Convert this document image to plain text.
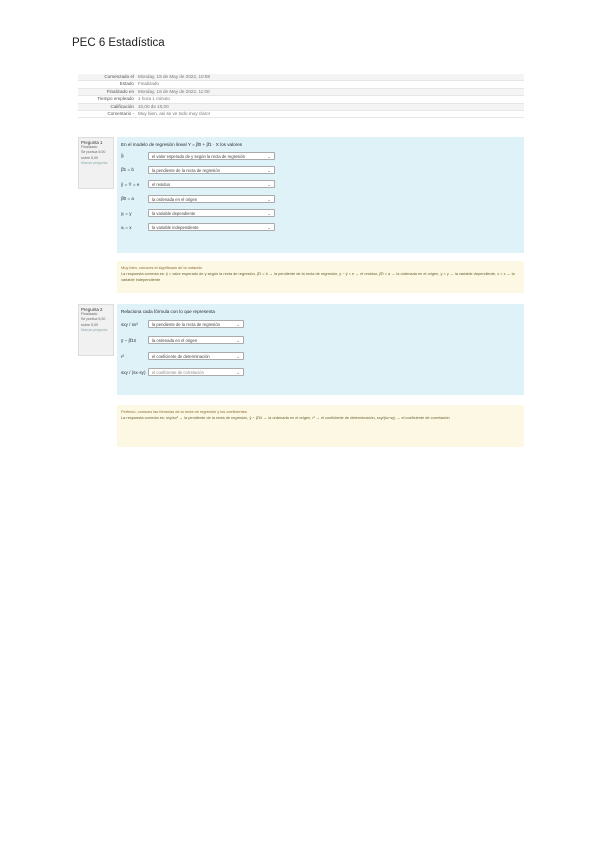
PEC 6 Estadística
Comenzado el Monday, 19 de May de 2022, 10:59
Estado Finalizado
Finalizado en Monday, 19 de May de 2022, 11:00
Tiempo empleado 1 hora 1 minuto
Calificación 10,00 de 10,00
Comentario - Muy bien, asi se ve todo muy claro!
Pregunta 1
Finalizado
Se puntúa 5,00 sobre 5,00
Marcar pregunta
En el modelo de regresión lineal Y = β̂0 + β̂1 · X los valores
ŷᵢ	el valor esperado de y según la recta de regresión	⌄
β̂1 = b	la pendiente de la recta de regresión	⌄
ŷ = Ŷ = e	el residuo	⌄
β̂0 = a	la ordenada en el origen	⌄
yᵢ = y	la variable dependiente	⌄
xᵢ = x	la variable independiente	⌄
Muy bien, conoces el significado de la notación
La respuesta correcta es: ŷ = valor esperado de y según la recta de regresión, β̂1 = b → la pendiente de la recta de regresión, y − ŷ = e → el residuo, β̂0 = a → la ordenada en el origen, y = y → la variable dependiente, x = x → la variable independiente
Pregunta 2
Finalizado
Se puntúa 5,00 sobre 5,00
Marcar pregunta
Relaciona cada fórmula con lo que representa
sxy / sx²	la pendiente de la recta de regresión	⌄
ȳ − β̂1x̄	la ordenada en el origen	⌄
r²	el coeficiente de determinación	⌄
sxy / (sx·sy)	el coeficiente de correlación	⌄
Perfecto, conoces las fórmulas de la recta de regresión y los coeficientes
La respuesta correcta es: sxy/sx² → la pendiente de la recta de regresión, ȳ − β̂1x̄ → la ordenada en el origen, r² → el coeficiente de determinación, sxy/(sx·sy) → el coeficiente de correlación
